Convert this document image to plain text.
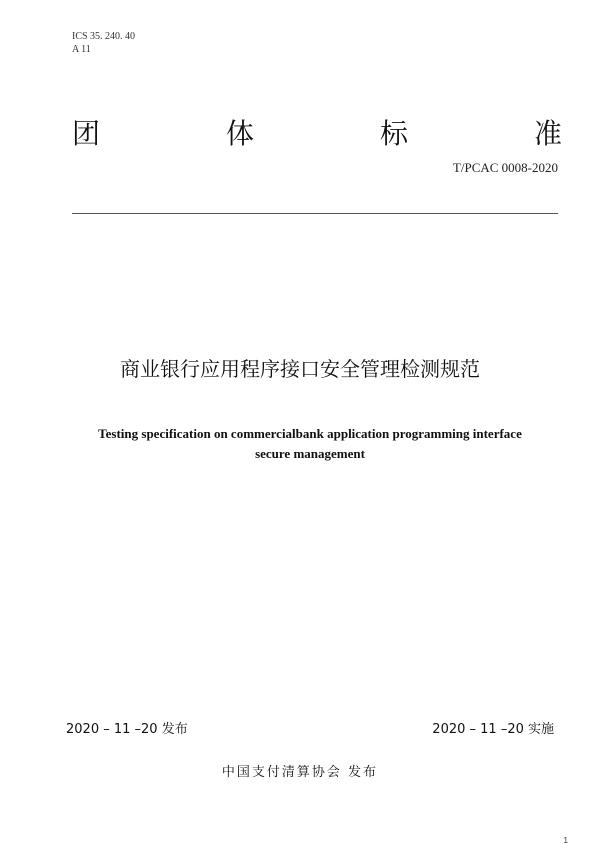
ICS 35. 240. 40
A 11
团	体	标	准
T/PCAC 0008-2020
商业银行应用程序接口安全管理检测规范
Testing specification on commercialbank application programming interface
secure management
2020 – 11 –20 发布	2020 – 11 –20 实施
中国支付清算协会 发布
1
